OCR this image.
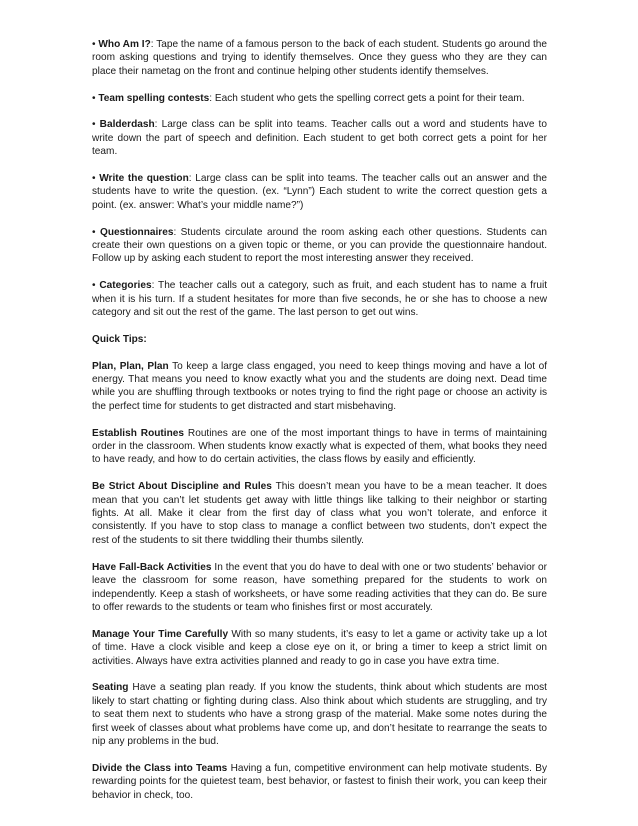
• Who Am I?: Tape the name of a famous person to the back of each student. Students go around the room asking questions and trying to identify themselves. Once they guess who they are they can place their nametag on the front and continue helping other students identify themselves.

• Team spelling contests: Each student who gets the spelling correct gets a point for their team.

• Balderdash: Large class can be split into teams. Teacher calls out a word and students have to write down the part of speech and definition. Each student to get both correct gets a point for her team.

• Write the question: Large class can be split into teams. The teacher calls out an answer and the students have to write the question. (ex. “Lynn”) Each student to write the correct question gets a point. (ex. answer: What’s your middle name?”)

• Questionnaires: Students circulate around the room asking each other questions. Students can create their own questions on a given topic or theme, or you can provide the questionnaire handout. Follow up by asking each student to report the most interesting answer they received.

• Categories: The teacher calls out a category, such as fruit, and each student has to name a fruit when it is his turn. If a student hesitates for more than five seconds, he or she has to choose a new category and sit out the rest of the game. The last person to get out wins.

Quick Tips:

Plan, Plan, Plan To keep a large class engaged, you need to keep things moving and have a lot of energy. That means you need to know exactly what you and the students are doing next. Dead time while you are shuffling through textbooks or notes trying to find the right page or choose an activity is the perfect time for students to get distracted and start misbehaving.

Establish Routines Routines are one of the most important things to have in terms of maintaining order in the classroom. When students know exactly what is expected of them, what books they need to have ready, and how to do certain activities, the class flows by easily and efficiently.

Be Strict About Discipline and Rules This doesn’t mean you have to be a mean teacher. It does mean that you can’t let students get away with little things like talking to their neighbor or starting fights. At all. Make it clear from the first day of class what you won’t tolerate, and enforce it consistently. If you have to stop class to manage a conflict between two students, don’t expect the rest of the students to sit there twiddling their thumbs silently.

Have Fall-Back Activities In the event that you do have to deal with one or two students’ behavior or leave the classroom for some reason, have something prepared for the students to work on independently. Keep a stash of worksheets, or have some reading activities that they can do. Be sure to offer rewards to the students or team who finishes first or most accurately.

Manage Your Time Carefully With so many students, it’s easy to let a game or activity take up a lot of time. Have a clock visible and keep a close eye on it, or bring a timer to keep a strict limit on activities. Always have extra activities planned and ready to go in case you have extra time.

Seating Have a seating plan ready. If you know the students, think about which students are most likely to start chatting or fighting during class. Also think about which students are struggling, and try to seat them next to students who have a strong grasp of the material. Make some notes during the first week of classes about what problems have come up, and don’t hesitate to rearrange the seats to nip any problems in the bud.

Divide the Class into Teams Having a fun, competitive environment can help motivate students. By rewarding points for the quietest team, best behavior, or fastest to finish their work, you can keep their behavior in check, too.
